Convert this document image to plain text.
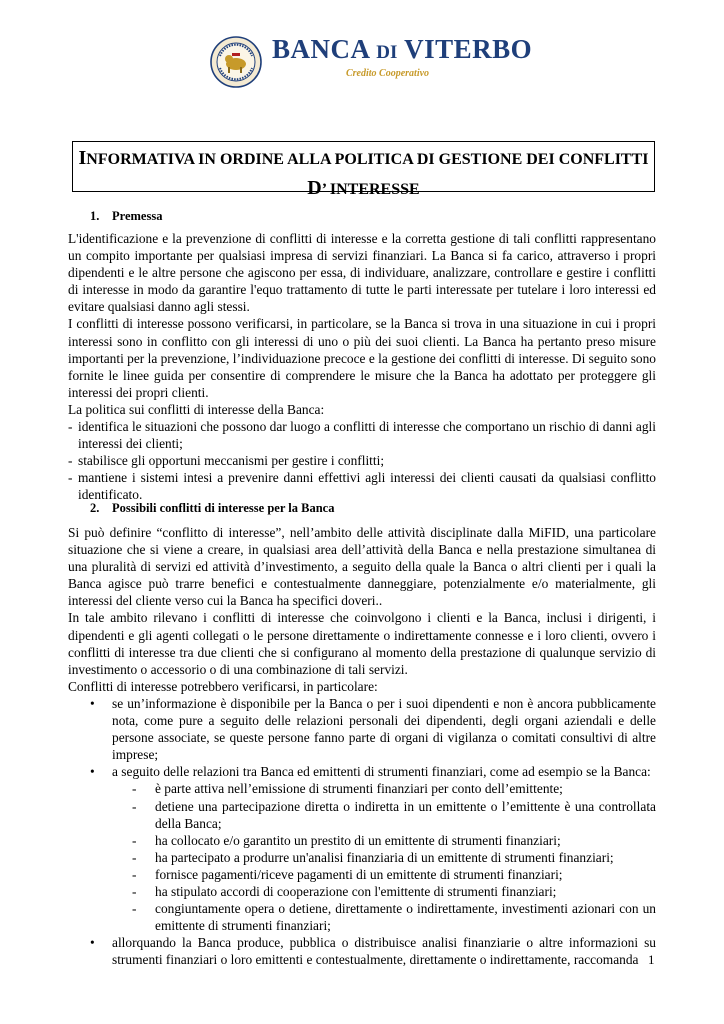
BANCA DI VITERBO
Credito Cooperativo
INFORMATIVA IN ORDINE ALLA POLITICA DI GESTIONE DEI CONFLITTI
D’ INTERESSE
1. Premessa

L'identificazione e la prevenzione di conflitti di interesse e la corretta gestione di tali conflitti rappresentano un compito importante per qualsiasi impresa di servizi finanziari. La Banca si fa carico, attraverso i propri dipendenti e le altre persone che agiscono per essa, di individuare, analizzare, controllare e gestire i conflitti di interesse in modo da garantire l'equo trattamento di tutte le parti interessate per tutelare i loro interessi ed evitare qualsiasi danno agli stessi.

I conflitti di interesse possono verificarsi, in particolare, se la Banca si trova in una situazione in cui i propri interessi sono in conflitto con gli interessi di uno o più dei suoi clienti. La Banca ha pertanto preso misure importanti per la prevenzione, l’individuazione precoce e la gestione dei conflitti di interesse. Di seguito sono fornite le linee guida per consentire di comprendere le misure che la Banca ha adottato per proteggere gli interessi dei propri clienti.

La politica sui conflitti di interesse della Banca:

- identifica le situazioni che possono dar luogo a conflitti di interesse che comportano un rischio di danni agli interessi dei clienti;
- stabilisce gli opportuni meccanismi per gestire i conflitti;
- mantiene i sistemi intesi a prevenire danni effettivi agli interessi dei clienti causati da qualsiasi conflitto identificato.
2. Possibili conflitti di interesse per la Banca

Si può definire “conflitto di interesse”, nell’ambito delle attività disciplinate dalla MiFID, una particolare situazione che si viene a creare, in qualsiasi area dell’attività della Banca e nella prestazione simultanea di una pluralità di servizi ed attività d’investimento, a seguito della quale la Banca o altri clienti per i quali la Banca agisce può trarre benefici e contestualmente danneggiare, potenzialmente e/o materialmente, gli interessi del cliente verso cui la Banca ha specifici doveri..

In tale ambito rilevano i conflitti di interesse che coinvolgono i clienti e la Banca, inclusi i dirigenti, i dipendenti e gli agenti collegati o le persone direttamente o indirettamente connesse e i loro clienti, ovvero i conflitti di interesse tra due clienti che si configurano al momento della prestazione di qualunque servizio di investimento o accessorio o di una combinazione di tali servizi.

Conflitti di interesse potrebbero verificarsi, in particolare:

• se un’informazione è disponibile per la Banca o per i suoi dipendenti e non è ancora pubblicamente nota, come pure a seguito delle relazioni personali dei dipendenti, degli organi aziendali e delle persone associate, se queste persone fanno parte di organi di vigilanza o comitati consultivi di altre imprese;
• a seguito delle relazioni tra Banca ed emittenti di strumenti finanziari, come ad esempio se la Banca:
- è parte attiva nell’emissione di strumenti finanziari per conto dell’emittente;
- detiene una partecipazione diretta o indiretta in un emittente o l’emittente è una controllata della Banca;
- ha collocato e/o garantito un prestito di un emittente di strumenti finanziari;
- ha partecipato a produrre un'analisi finanziaria di un emittente di strumenti finanziari;
- fornisce pagamenti/riceve pagamenti di un emittente di strumenti finanziari;
- ha stipulato accordi di cooperazione con l'emittente di strumenti finanziari;
- congiuntamente opera o detiene, direttamente o indirettamente, investimenti azionari con un emittente di strumenti finanziari;
• allorquando la Banca produce, pubblica o distribuisce analisi finanziarie o altre informazioni su strumenti finanziari o loro emittenti e contestualmente, direttamente o indirettamente, raccomanda 1
